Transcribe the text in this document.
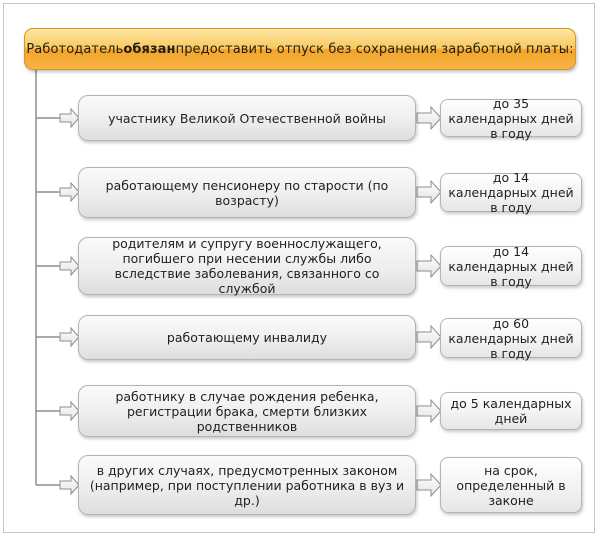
Работодатель обязан предоставить отпуск без сохранения заработной платы:
участнику Великой Отечественной войны
до 35 календарных дней в году
работающему пенсионеру по старости (по возрасту)
до 14 календарных дней в году
родителям и супругу военнослужащего, погибшего при несении службы либо вследствие заболевания, связанного со службой
до 14 календарных дней в году
работающему инвалиду
до 60 календарных дней в году
работнику в случае рождения ребенка, регистрации брака, смерти близких родственников
до 5 календарных дней
в других случаях, предусмотренных законом (например, при поступлении работника в вуз и др.)
на срок, определенный в законе
